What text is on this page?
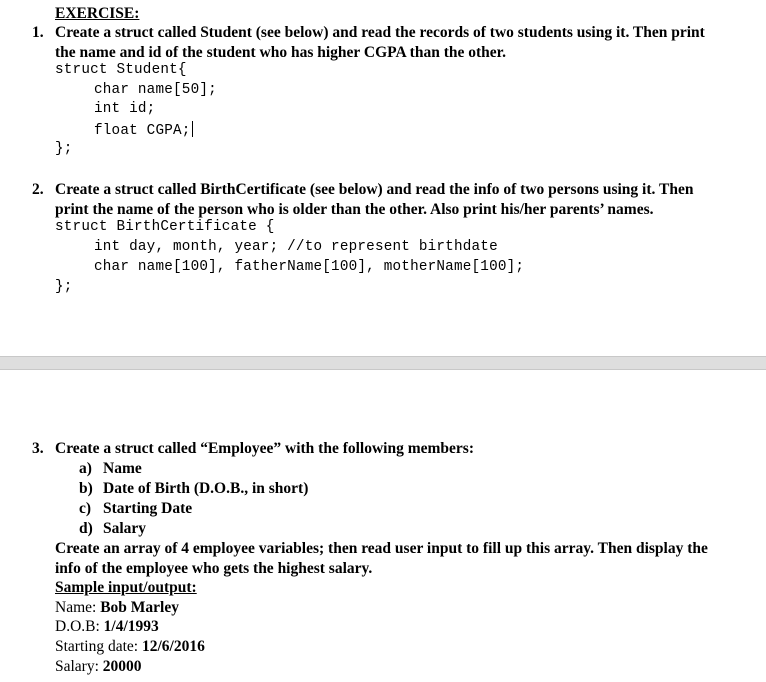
EXERCISE:
1. Create a struct called Student (see below) and read the records of two students using it. Then print
the name and id of the student who has higher CGPA than the other.
struct Student{
char name[50];
int id;
float CGPA;
};
2. Create a struct called BirthCertificate (see below) and read the info of two persons using it. Then
print the name of the person who is older than the other. Also print his/her parents’ names.
struct BirthCertificate {
int day, month, year; //to represent birthdate
char name[100], fatherName[100], motherName[100];
};
3. Create a struct called “Employee” with the following members:
a) Name
b) Date of Birth (D.O.B., in short)
c) Starting Date
d) Salary
Create an array of 4 employee variables; then read user input to fill up this array. Then display the
info of the employee who gets the highest salary.
Sample input/output:
Name: Bob Marley
D.O.B: 1/4/1993
Starting date: 12/6/2016
Salary: 20000
